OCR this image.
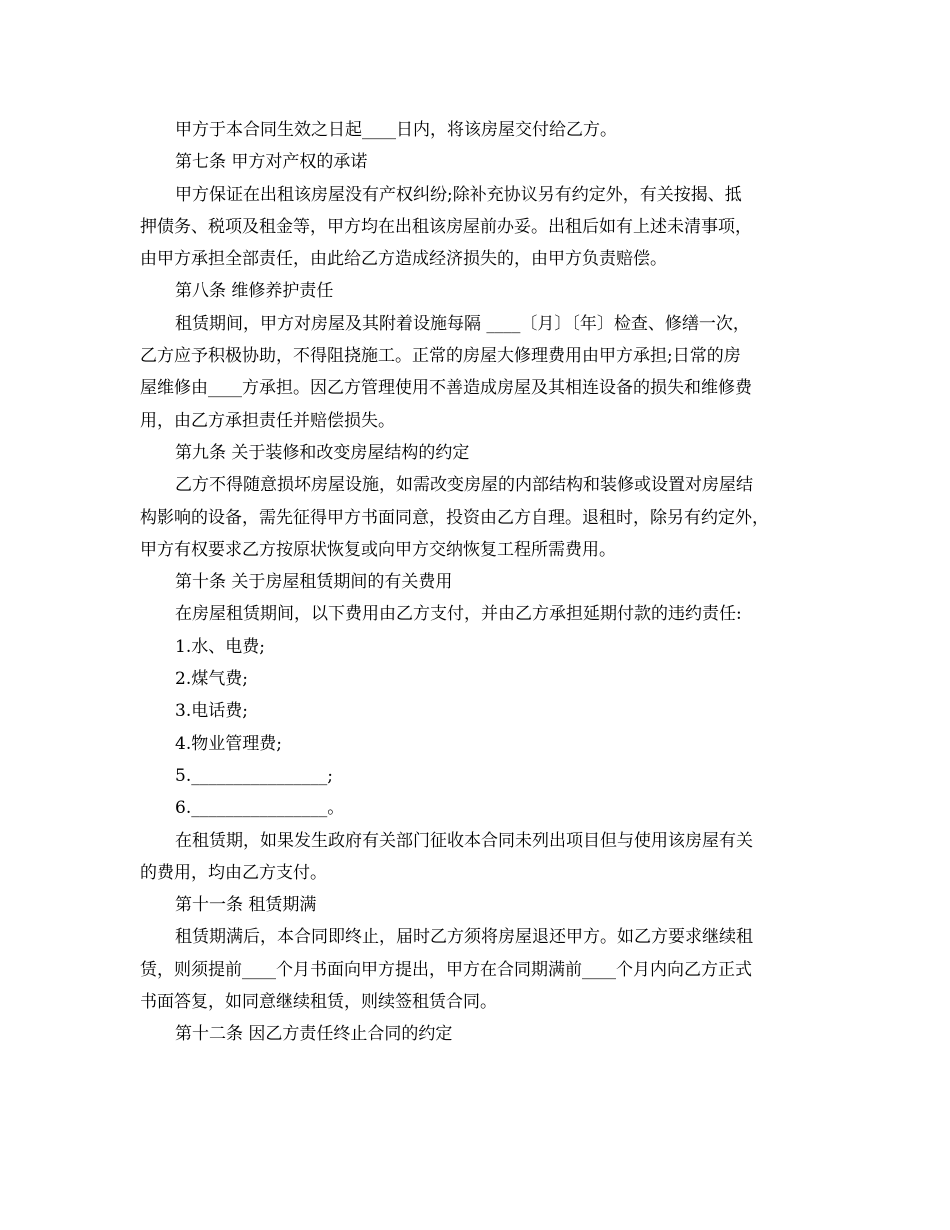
甲方于本合同生效之日起____日内，将该房屋交付给乙方。
第七条 甲方对产权的承诺
甲方保证在出租该房屋没有产权纠纷;除补充协议另有约定外，有关按揭、抵
押债务、税项及租金等，甲方均在出租该房屋前办妥。出租后如有上述未清事项，
由甲方承担全部责任，由此给乙方造成经济损失的，由甲方负责赔偿。
第八条 维修养护责任
租赁期间，甲方对房屋及其附着设施每隔 ____〔月〕〔年〕检查、修缮一次，
乙方应予积极协助，不得阻挠施工。正常的房屋大修理费用由甲方承担;日常的房
屋维修由____方承担。因乙方管理使用不善造成房屋及其相连设备的损失和维修费
用，由乙方承担责任并赔偿损失。
第九条 关于装修和改变房屋结构的约定
乙方不得随意损坏房屋设施，如需改变房屋的内部结构和装修或设置对房屋结
构影响的设备，需先征得甲方书面同意，投资由乙方自理。退租时，除另有约定外，
甲方有权要求乙方按原状恢复或向甲方交纳恢复工程所需费用。
第十条 关于房屋租赁期间的有关费用
在房屋租赁期间，以下费用由乙方支付，并由乙方承担延期付款的违约责任:
1.水、电费;
2.煤气费;
3.电话费;
4.物业管理费;
5.________________;
6.________________。
在租赁期，如果发生政府有关部门征收本合同未列出项目但与使用该房屋有关
的费用，均由乙方支付。
第十一条 租赁期满
租赁期满后，本合同即终止，届时乙方须将房屋退还甲方。如乙方要求继续租
赁，则须提前____个月书面向甲方提出，甲方在合同期满前____个月内向乙方正式
书面答复，如同意继续租赁，则续签租赁合同。
第十二条 因乙方责任终止合同的约定
